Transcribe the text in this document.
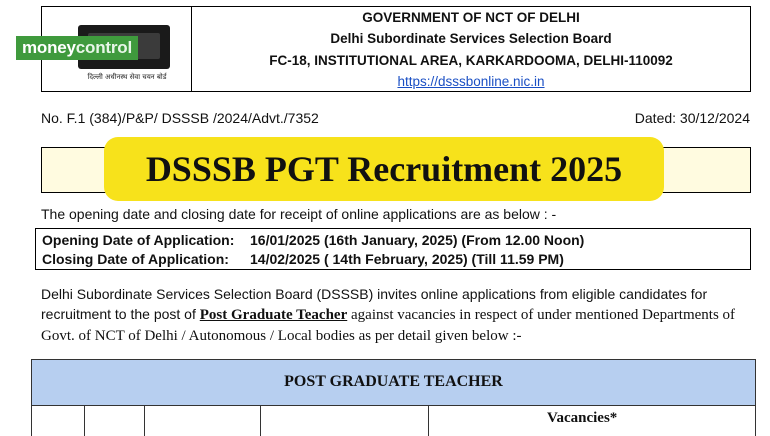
दिल्ली अधीनस्थ सेवा चयन बोर्ड
GOVERNMENT OF NCT OF DELHI
Delhi Subordinate Services Selection Board
FC-18, INSTITUTIONAL AREA, KARKARDOOMA, DELHI-110092
https://dsssbonline.nic.in
moneycontrol
No. F.1 (384)/P&P/ DSSSB /2024/Advt./7352	Dated: 30/12/2024
DSSSB PGT Recruitment 2025
The opening date and closing date for receipt of online applications are as below : -
Opening Date of Application: 16/01/2025 (16th January, 2025) (From 12.00 Noon)
Closing Date of Application: 14/02/2025 ( 14th February, 2025) (Till 11.59 PM)
Delhi Subordinate Services Selection Board (DSSSB) invites online applications from eligible candidates for recruitment to the post of Post Graduate Teacher against vacancies in respect of under mentioned Departments of Govt. of NCT of Delhi / Autonomous / Local bodies as per detail given below :-
POST GRADUATE TEACHER
Vacancies*
